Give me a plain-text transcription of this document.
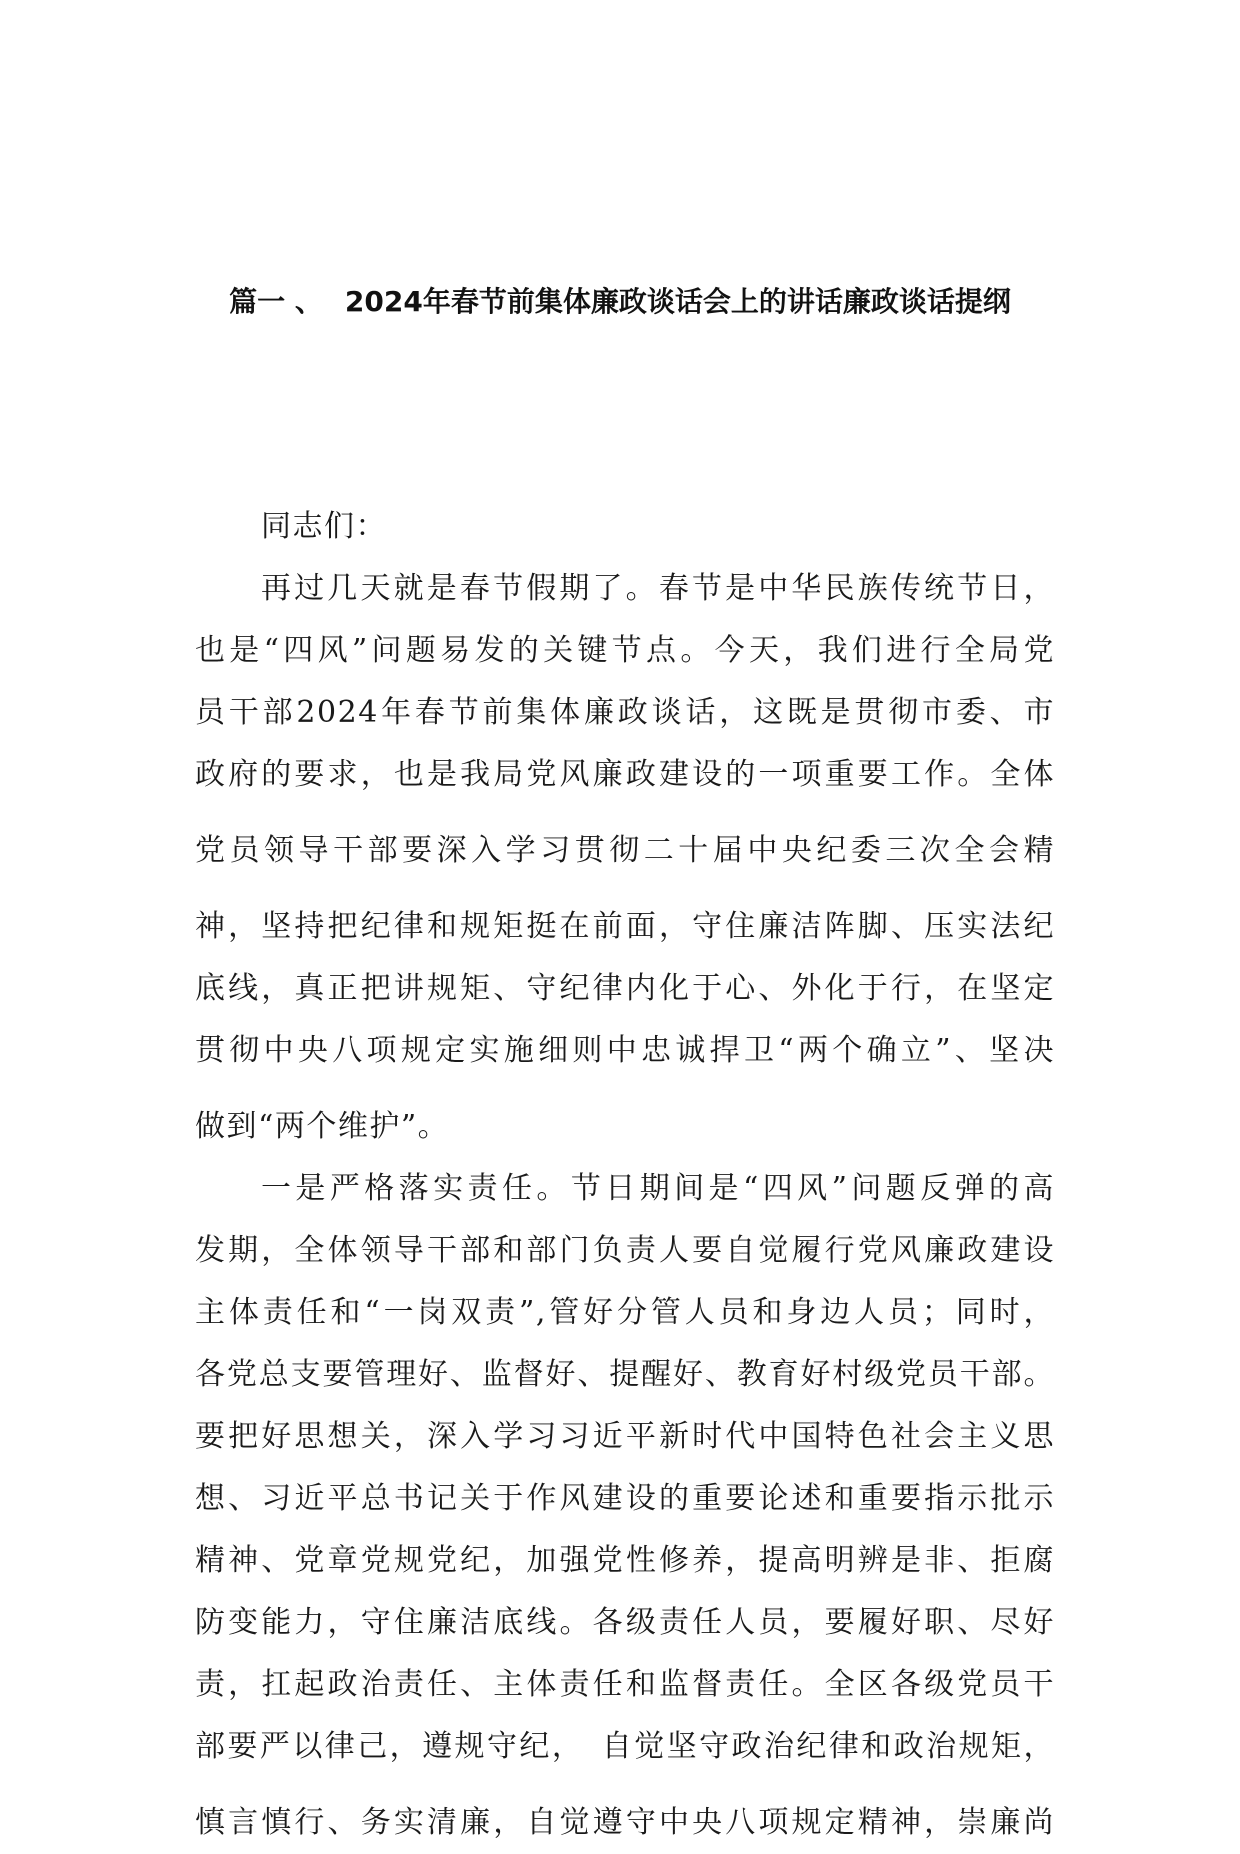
篇一 、 2024年春节前集体廉政谈话会上的讲话廉政谈话提纲
同志们：
再过几天就是春节假期了。春节是中华民族传统节日，
也是“四风”问题易发的关键节点。今天，我们进行全局党
员干部2024年春节前集体廉政谈话，这既是贯彻市委、市
政府的要求，也是我局党风廉政建设的一项重要工作。全体
党员领导干部要深入学习贯彻二十届中央纪委三次全会精
神，坚持把纪律和规矩挺在前面，守住廉洁阵脚、压实法纪
底线，真正把讲规矩、守纪律内化于心、外化于行，在坚定
贯彻中央八项规定实施细则中忠诚捍卫“两个确立”、坚决
做到“两个维护”。
一是严格落实责任。节日期间是“四风”问题反弹的高
发期，全体领导干部和部门负责人要自觉履行党风廉政建设
主体责任和“一岗双责”,管好分管人员和身边人员；同时，
各党总支要管理好、监督好、提醒好、教育好村级党员干部。
要把好思想关，深入学习习近平新时代中国特色社会主义思
想、习近平总书记关于作风建设的重要论述和重要指示批示
精神、党章党规党纪，加强党性修养，提高明辨是非、拒腐
防变能力，守住廉洁底线。各级责任人员，要履好职、尽好
责，扛起政治责任、主体责任和监督责任。全区各级党员干
部要严以律己，遵规守纪，　自觉坚守政治纪律和政治规矩，
慎言慎行、务实清廉，自觉遵守中央八项规定精神，崇廉尚
